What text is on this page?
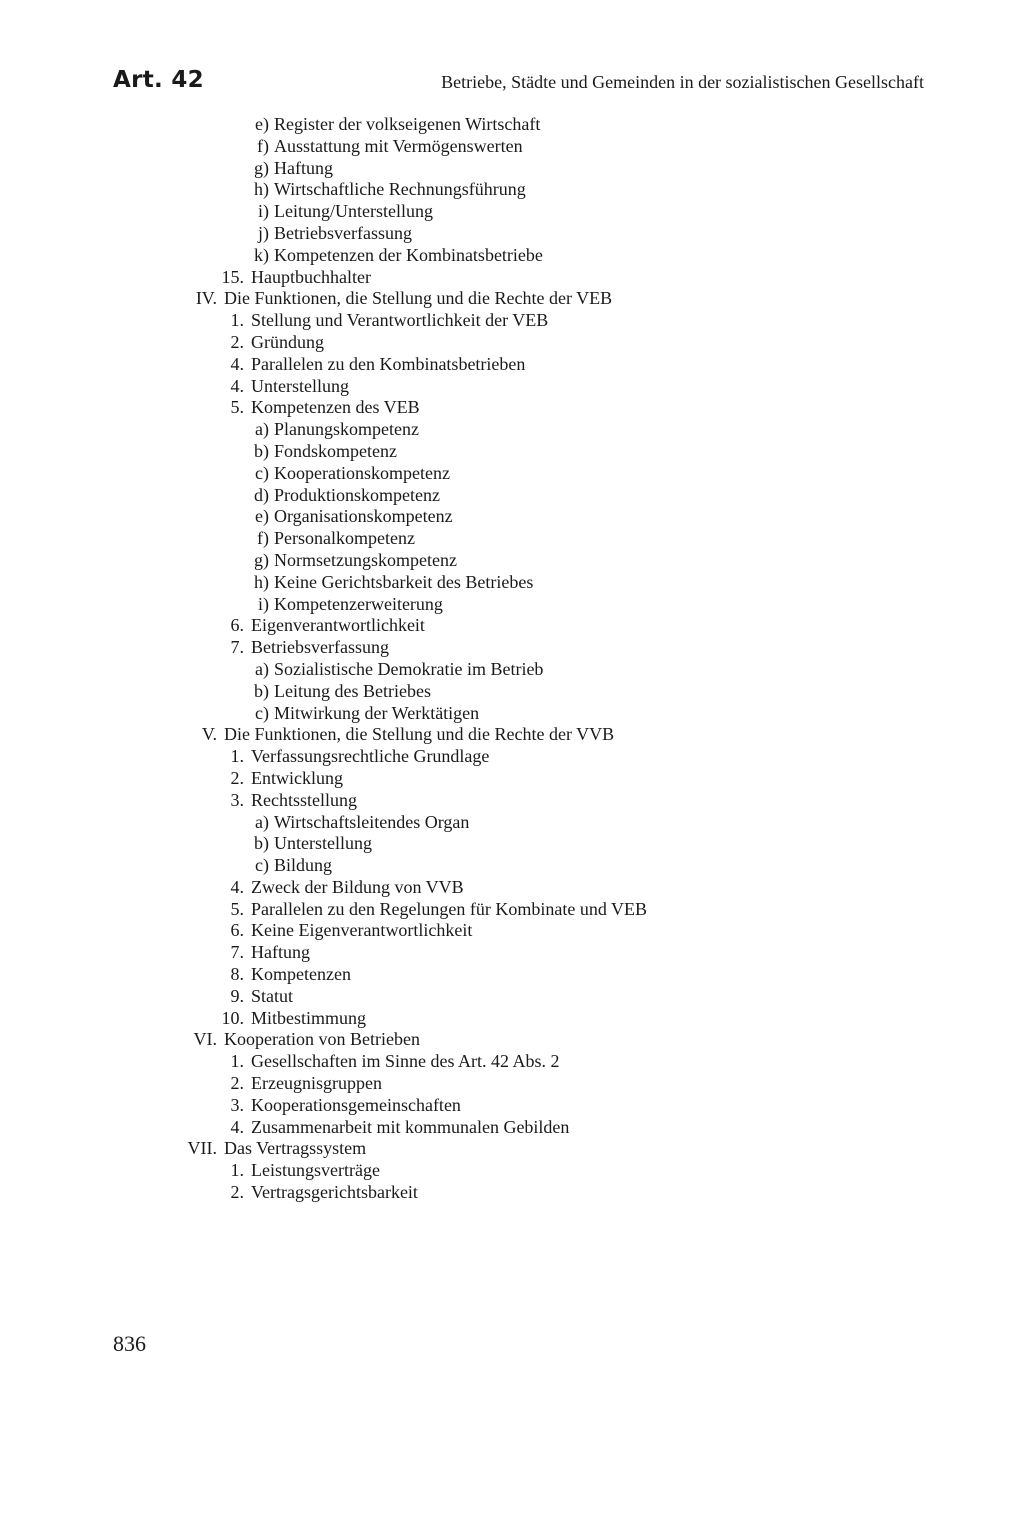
Art. 42	Betriebe, Städte und Gemeinden in der sozialistischen Gesellschaft
e) Register der volkseigenen Wirtschaft
f) Ausstattung mit Vermögenswerten
g) Haftung
h) Wirtschaftliche Rechnungsführung
i) Leitung/Unterstellung
j) Betriebsverfassung
k) Kompetenzen der Kombinatsbetriebe
15. Hauptbuchhalter
IV. Die Funktionen, die Stellung und die Rechte der VEB
1. Stellung und Verantwortlichkeit der VEB
2. Gründung
4. Parallelen zu den Kombinatsbetrieben
4. Unterstellung
5. Kompetenzen des VEB
a) Planungskompetenz
b) Fondskompetenz
c) Kooperationskompetenz
d) Produktionskompetenz
e) Organisationskompetenz
f) Personalkompetenz
g) Normsetzungskompetenz
h) Keine Gerichtsbarkeit des Betriebes
i) Kompetenzerweiterung
6. Eigenverantwortlichkeit
7. Betriebsverfassung
a) Sozialistische Demokratie im Betrieb
b) Leitung des Betriebes
c) Mitwirkung der Werktätigen
V. Die Funktionen, die Stellung und die Rechte der VVB
1. Verfassungsrechtliche Grundlage
2. Entwicklung
3. Rechtsstellung
a) Wirtschaftsleitendes Organ
b) Unterstellung
c) Bildung
4. Zweck der Bildung von VVB
5. Parallelen zu den Regelungen für Kombinate und VEB
6. Keine Eigenverantwortlichkeit
7. Haftung
8. Kompetenzen
9. Statut
10. Mitbestimmung
VI. Kooperation von Betrieben
1. Gesellschaften im Sinne des Art. 42 Abs. 2
2. Erzeugnisgruppen
3. Kooperationsgemeinschaften
4. Zusammenarbeit mit kommunalen Gebilden
VII. Das Vertragssystem
1. Leistungsverträge
2. Vertragsgerichtsbarkeit
836
